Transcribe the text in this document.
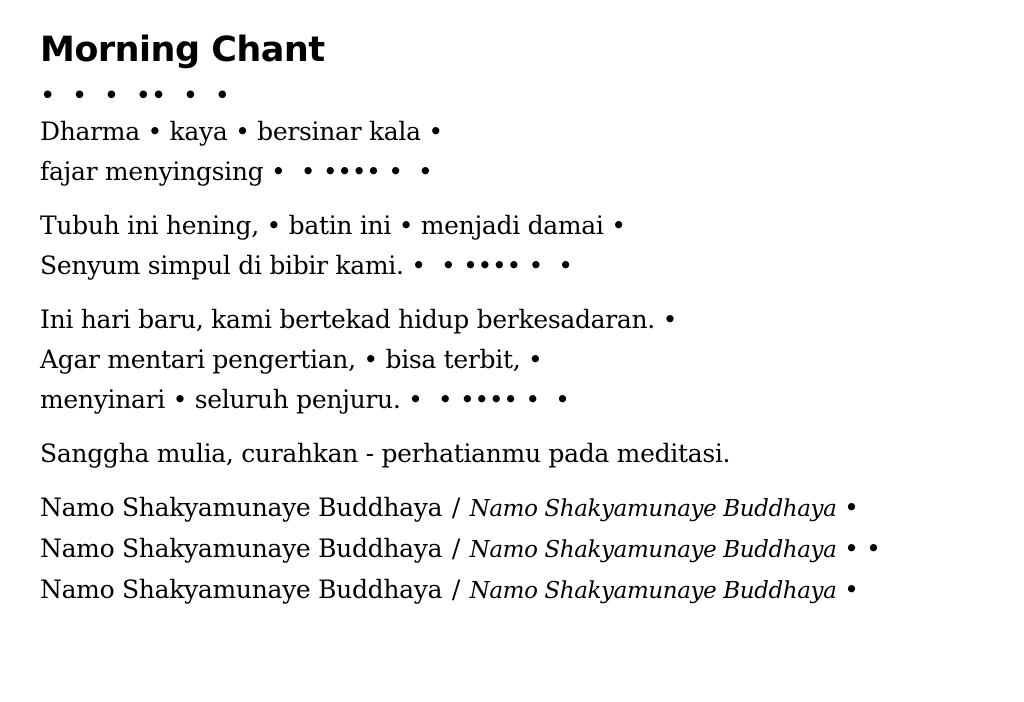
Morning Chant
•  •  •  ••  •  •
Dharma • kaya • bersinar kala •
fajar menyingsing •  • •••• •  •
Tubuh ini hening, • batin ini • menjadi damai •
Senyum simpul di bibir kami. •  • •••• •  •
Ini hari baru, kami bertekad hidup berkesadaran. •
Agar mentari pengertian, • bisa terbit, •
menyinari • seluruh penjuru. •  • •••• •  •
Sanggha mulia, curahkan - perhatianmu pada meditasi.
Namo Shakyamunaye Buddhaya / Namo Shakyamunaye Buddhaya •
Namo Shakyamunaye Buddhaya / Namo Shakyamunaye Buddhaya • •
Namo Shakyamunaye Buddhaya / Namo Shakyamunaye Buddhaya •
